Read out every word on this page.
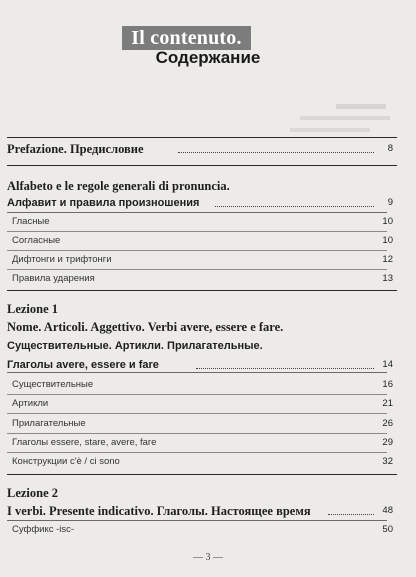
Il contenuto.
Содержание
Prefazione. Предисловие	8
Alfabeto e le regole generali di pronuncia.
Алфавит и правила произношения	9
Гласные	10
Согласные	10
Дифтонги и трифтонги	12
Правила ударения	13
Lezione 1
Nome. Articoli. Aggettivo. Verbi avere, essere e fare.
Существительные. Артикли. Прилагательные.
Глаголы avere, essere и fare	14
Существительные	16
Артикли	21
Прилагательные	26
Глаголы essere, stare, avere, fare	29
Конструкции c'è / ci sono	32
Lezione 2
I verbi. Presente indicativo. Глаголы. Настоящее время	48
Суффикс -isc-	50
— 3 —
